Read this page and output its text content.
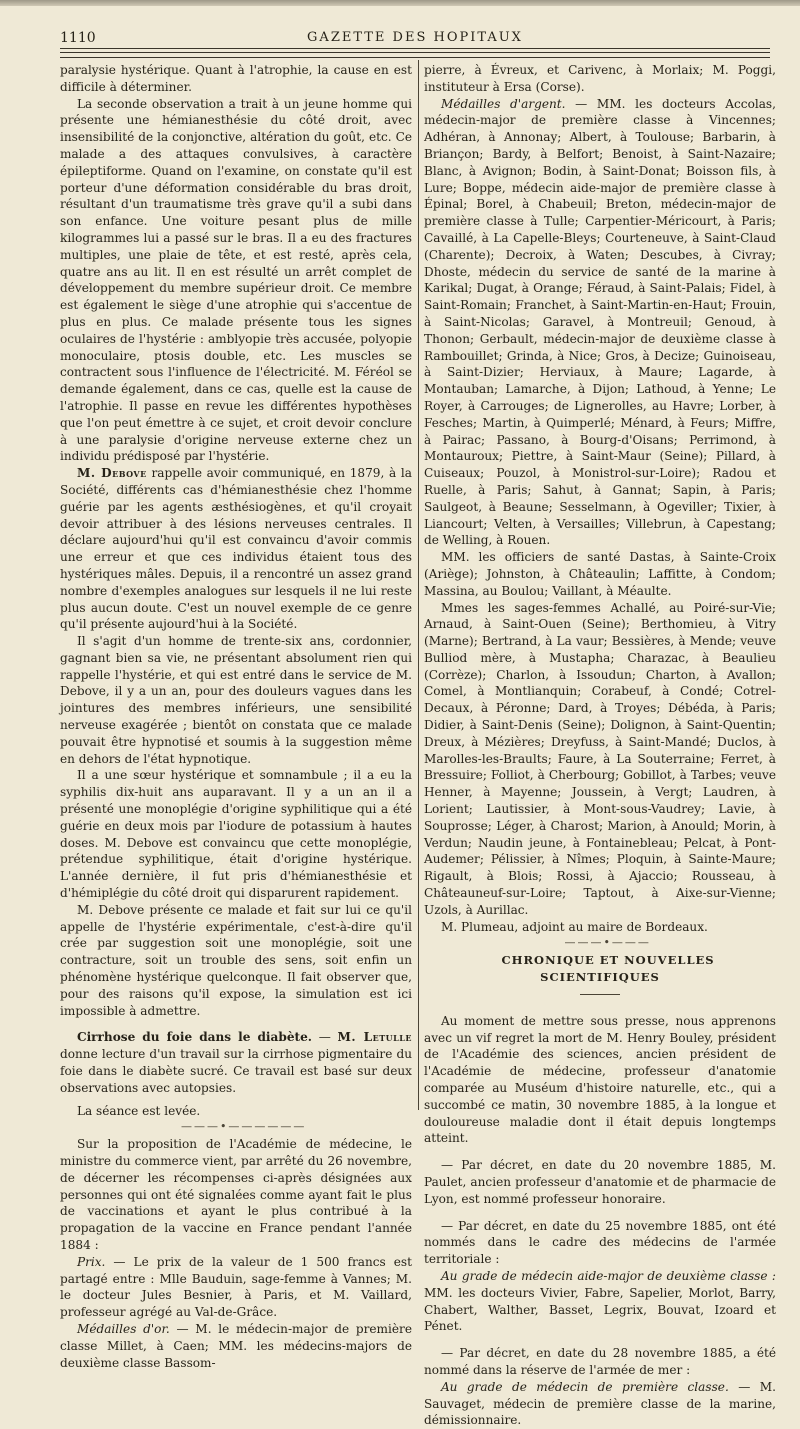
1110	GAZETTE DES HOPITAUX

paralysie hystérique. Quant à l'atrophie, la cause en est difficile à déterminer.

La seconde observation a trait à un jeune homme qui présente une hémianesthésie du côté droit, avec insensibilité de la conjonctive, altération du goût, etc. Ce malade a des attaques convulsives, à caractère épileptiforme. Quand on l'examine, on constate qu'il est porteur d'une déformation considérable du bras droit, résultant d'un traumatisme très grave qu'il a subi dans son enfance. Une voiture pesant plus de mille kilogrammes lui a passé sur le bras. Il a eu des fractures multiples, une plaie de tête, et est resté, après cela, quatre ans au lit. Il en est résulté un arrêt complet de développement du membre supérieur droit. Ce membre est également le siège d'une atrophie qui s'accentue de plus en plus. Ce malade présente tous les signes oculaires de l'hystérie : amblyopie très accusée, polyopie monoculaire, ptosis double, etc. Les muscles se contractent sous l'influence de l'électricité. M. Féréol se demande également, dans ce cas, quelle est la cause de l'atrophie. Il passe en revue les différentes hypothèses que l'on peut émettre à ce sujet, et croit devoir conclure à une paralysie d'origine nerveuse externe chez un individu prédisposé par l'hystérie.

M. Debove rappelle avoir communiqué, en 1879, à la Société, différents cas d'hémianesthésie chez l'homme guérie par les agents æsthésiogènes, et qu'il croyait devoir attribuer à des lésions nerveuses centrales. Il déclare aujourd'hui qu'il est convaincu d'avoir commis une erreur et que ces individus étaient tous des hystériques mâles. Depuis, il a rencontré un assez grand nombre d'exemples analogues sur lesquels il ne lui reste plus aucun doute. C'est un nouvel exemple de ce genre qu'il présente aujourd'hui à la Société.

Il s'agit d'un homme de trente-six ans, cordonnier, gagnant bien sa vie, ne présentant absolument rien qui rappelle l'hystérie, et qui est entré dans le service de M. Debove, il y a un an, pour des douleurs vagues dans les jointures des membres inférieurs, une sensibilité nerveuse exagérée ; bientôt on constata que ce malade pouvait être hypnotisé et soumis à la suggestion même en dehors de l'état hypnotique.

Il a une sœur hystérique et somnambule ; il a eu la syphilis dix-huit ans auparavant. Il y a un an il a présenté une monoplégie d'origine syphilitique qui a été guérie en deux mois par l'iodure de potassium à hautes doses. M. Debove est convaincu que cette monoplégie, prétendue syphilitique, était d'origine hystérique. L'année dernière, il fut pris d'hémianesthésie et d'hémiplégie du côté droit qui disparurent rapidement.

M. Debove présente ce malade et fait sur lui ce qu'il appelle de l'hystérie expérimentale, c'est-à-dire qu'il crée par suggestion soit une monoplégie, soit une contracture, soit un trouble des sens, soit enfin un phénomène hystérique quelconque. Il fait observer que, pour des raisons qu'il expose, la simulation est ici impossible à admettre.

Cirrhose du foie dans le diabète. — M. Letulle donne lecture d'un travail sur la cirrhose pigmentaire du foie dans le diabète sucré. Ce travail est basé sur deux observations avec autopsies.

La séance est levée.

———•——————

Sur la proposition de l'Académie de médecine, le ministre du commerce vient, par arrêté du 26 novembre, de décerner les récompenses ci-après désignées aux personnes qui ont été signalées comme ayant fait le plus de vaccinations et ayant le plus contribué à la propagation de la vaccine en France pendant l'année 1884 :

Prix. — Le prix de la valeur de 1 500 francs est partagé entre : Mlle Bauduin, sage-femme à Vannes; M. le docteur Jules Besnier, à Paris, et M. Vaillard, professeur agrégé au Val-de-Grâce.

Médailles d'or. — M. le médecin-major de première classe Millet, à Caen; MM. les médecins-majors de deuxième classe Bassom-

pierre, à Évreux, et Carivenc, à Morlaix; M. Poggi, instituteur à Ersa (Corse).

Médailles d'argent. — MM. les docteurs Accolas, médecin-major de première classe à Vincennes; Adhéran, à Annonay; Albert, à Toulouse; Barbarin, à Briançon; Bardy, à Belfort; Benoist, à Saint-Nazaire; Blanc, à Avignon; Bodin, à Saint-Donat; Boisson fils, à Lure; Boppe, médecin aide-major de première classe à Épinal; Borel, à Chabeuil; Breton, médecin-major de première classe à Tulle; Carpentier-Méricourt, à Paris; Cavaillé, à La Capelle-Bleys; Courteneuve, à Saint-Claud (Charente); Decroix, à Waten; Descubes, à Civray; Dhoste, médecin du service de santé de la marine à Karikal; Dugat, à Orange; Féraud, à Saint-Palais; Fidel, à Saint-Romain; Franchet, à Saint-Martin-en-Haut; Frouin, à Saint-Nicolas; Garavel, à Montreuil; Genoud, à Thonon; Gerbault, médecin-major de deuxième classe à Rambouillet; Grinda, à Nice; Gros, à Decize; Guinoiseau, à Saint-Dizier; Herviaux, à Maure; Lagarde, à Montauban; Lamarche, à Dijon; Lathoud, à Yenne; Le Royer, à Carrouges; de Lignerolles, au Havre; Lorber, à Fesches; Martin, à Quimperlé; Ménard, à Feurs; Miffre, à Pairac; Passano, à Bourg-d'Oisans; Perrimond, à Montauroux; Piettre, à Saint-Maur (Seine); Pillard, à Cuiseaux; Pouzol, à Monistrol-sur-Loire); Radou et Ruelle, à Paris; Sahut, à Gannat; Sapin, à Paris; Saulgeot, à Beaune; Sesselmann, à Ogeviller; Tixier, à Liancourt; Velten, à Versailles; Villebrun, à Capestang; de Welling, à Rouen.

MM. les officiers de santé Dastas, à Sainte-Croix (Ariège); Johnston, à Châteaulin; Laffitte, à Condom; Massina, au Boulou; Vaillant, à Méaulte.

Mmes les sages-femmes Achallé, au Poiré-sur-Vie; Arnaud, à Saint-Ouen (Seine); Berthomieu, à Vitry (Marne); Bertrand, à La vaur; Bessières, à Mende; veuve Bulliod mère, à Mustapha; Charazac, à Beaulieu (Corrèze); Charlon, à Issoudun; Charton, à Avallon; Comel, à Montlianquin; Corabeuf, à Condé; Cotrel-Decaux, à Péronne; Dard, à Troyes; Débéda, à Paris; Didier, à Saint-Denis (Seine); Dolignon, à Saint-Quentin; Dreux, à Mézières; Dreyfuss, à Saint-Mandé; Duclos, à Marolles-les-Braults; Faure, à La Souterraine; Ferret, à Bressuire; Folliot, à Cherbourg; Gobillot, à Tarbes; veuve Henner, à Mayenne; Joussein, à Vergt; Laudren, à Lorient; Lautissier, à Mont-sous-Vaudrey; Lavie, à Souprosse; Léger, à Charost; Marion, à Anould; Morin, à Verdun; Naudin jeune, à Fontainebleau; Pelcat, à Pont-Audemer; Pélissier, à Nîmes; Ploquin, à Sainte-Maure; Rigault, à Blois; Rossi, à Ajaccio; Rousseau, à Châteauneuf-sur-Loire; Taptout, à Aixe-sur-Vienne; Uzols, à Aurillac.

M. Plumeau, adjoint au maire de Bordeaux.

———•———

CHRONIQUE ET NOUVELLES SCIENTIFIQUES

Au moment de mettre sous presse, nous apprenons avec un vif regret la mort de M. Henry Bouley, président de l'Académie des sciences, ancien président de l'Académie de médecine, professeur d'anatomie comparée au Muséum d'histoire naturelle, etc., qui a succombé ce matin, 30 novembre 1885, à la longue et douloureuse maladie dont il était depuis longtemps atteint.

— Par décret, en date du 20 novembre 1885, M. Paulet, ancien professeur d'anatomie et de pharmacie de Lyon, est nommé professeur honoraire.

— Par décret, en date du 25 novembre 1885, ont été nommés dans le cadre des médecins de l'armée territoriale :

Au grade de médecin aide-major de deuxième classe : MM. les docteurs Vivier, Fabre, Sapelier, Morlot, Barry, Chabert, Walther, Basset, Legrix, Bouvat, Izoard et Pénet.

— Par décret, en date du 28 novembre 1885, a été nommé dans la réserve de l'armée de mer :

Au grade de médecin de première classe. — M. Sauvaget, médecin de première classe de la marine, démissionnaire.
